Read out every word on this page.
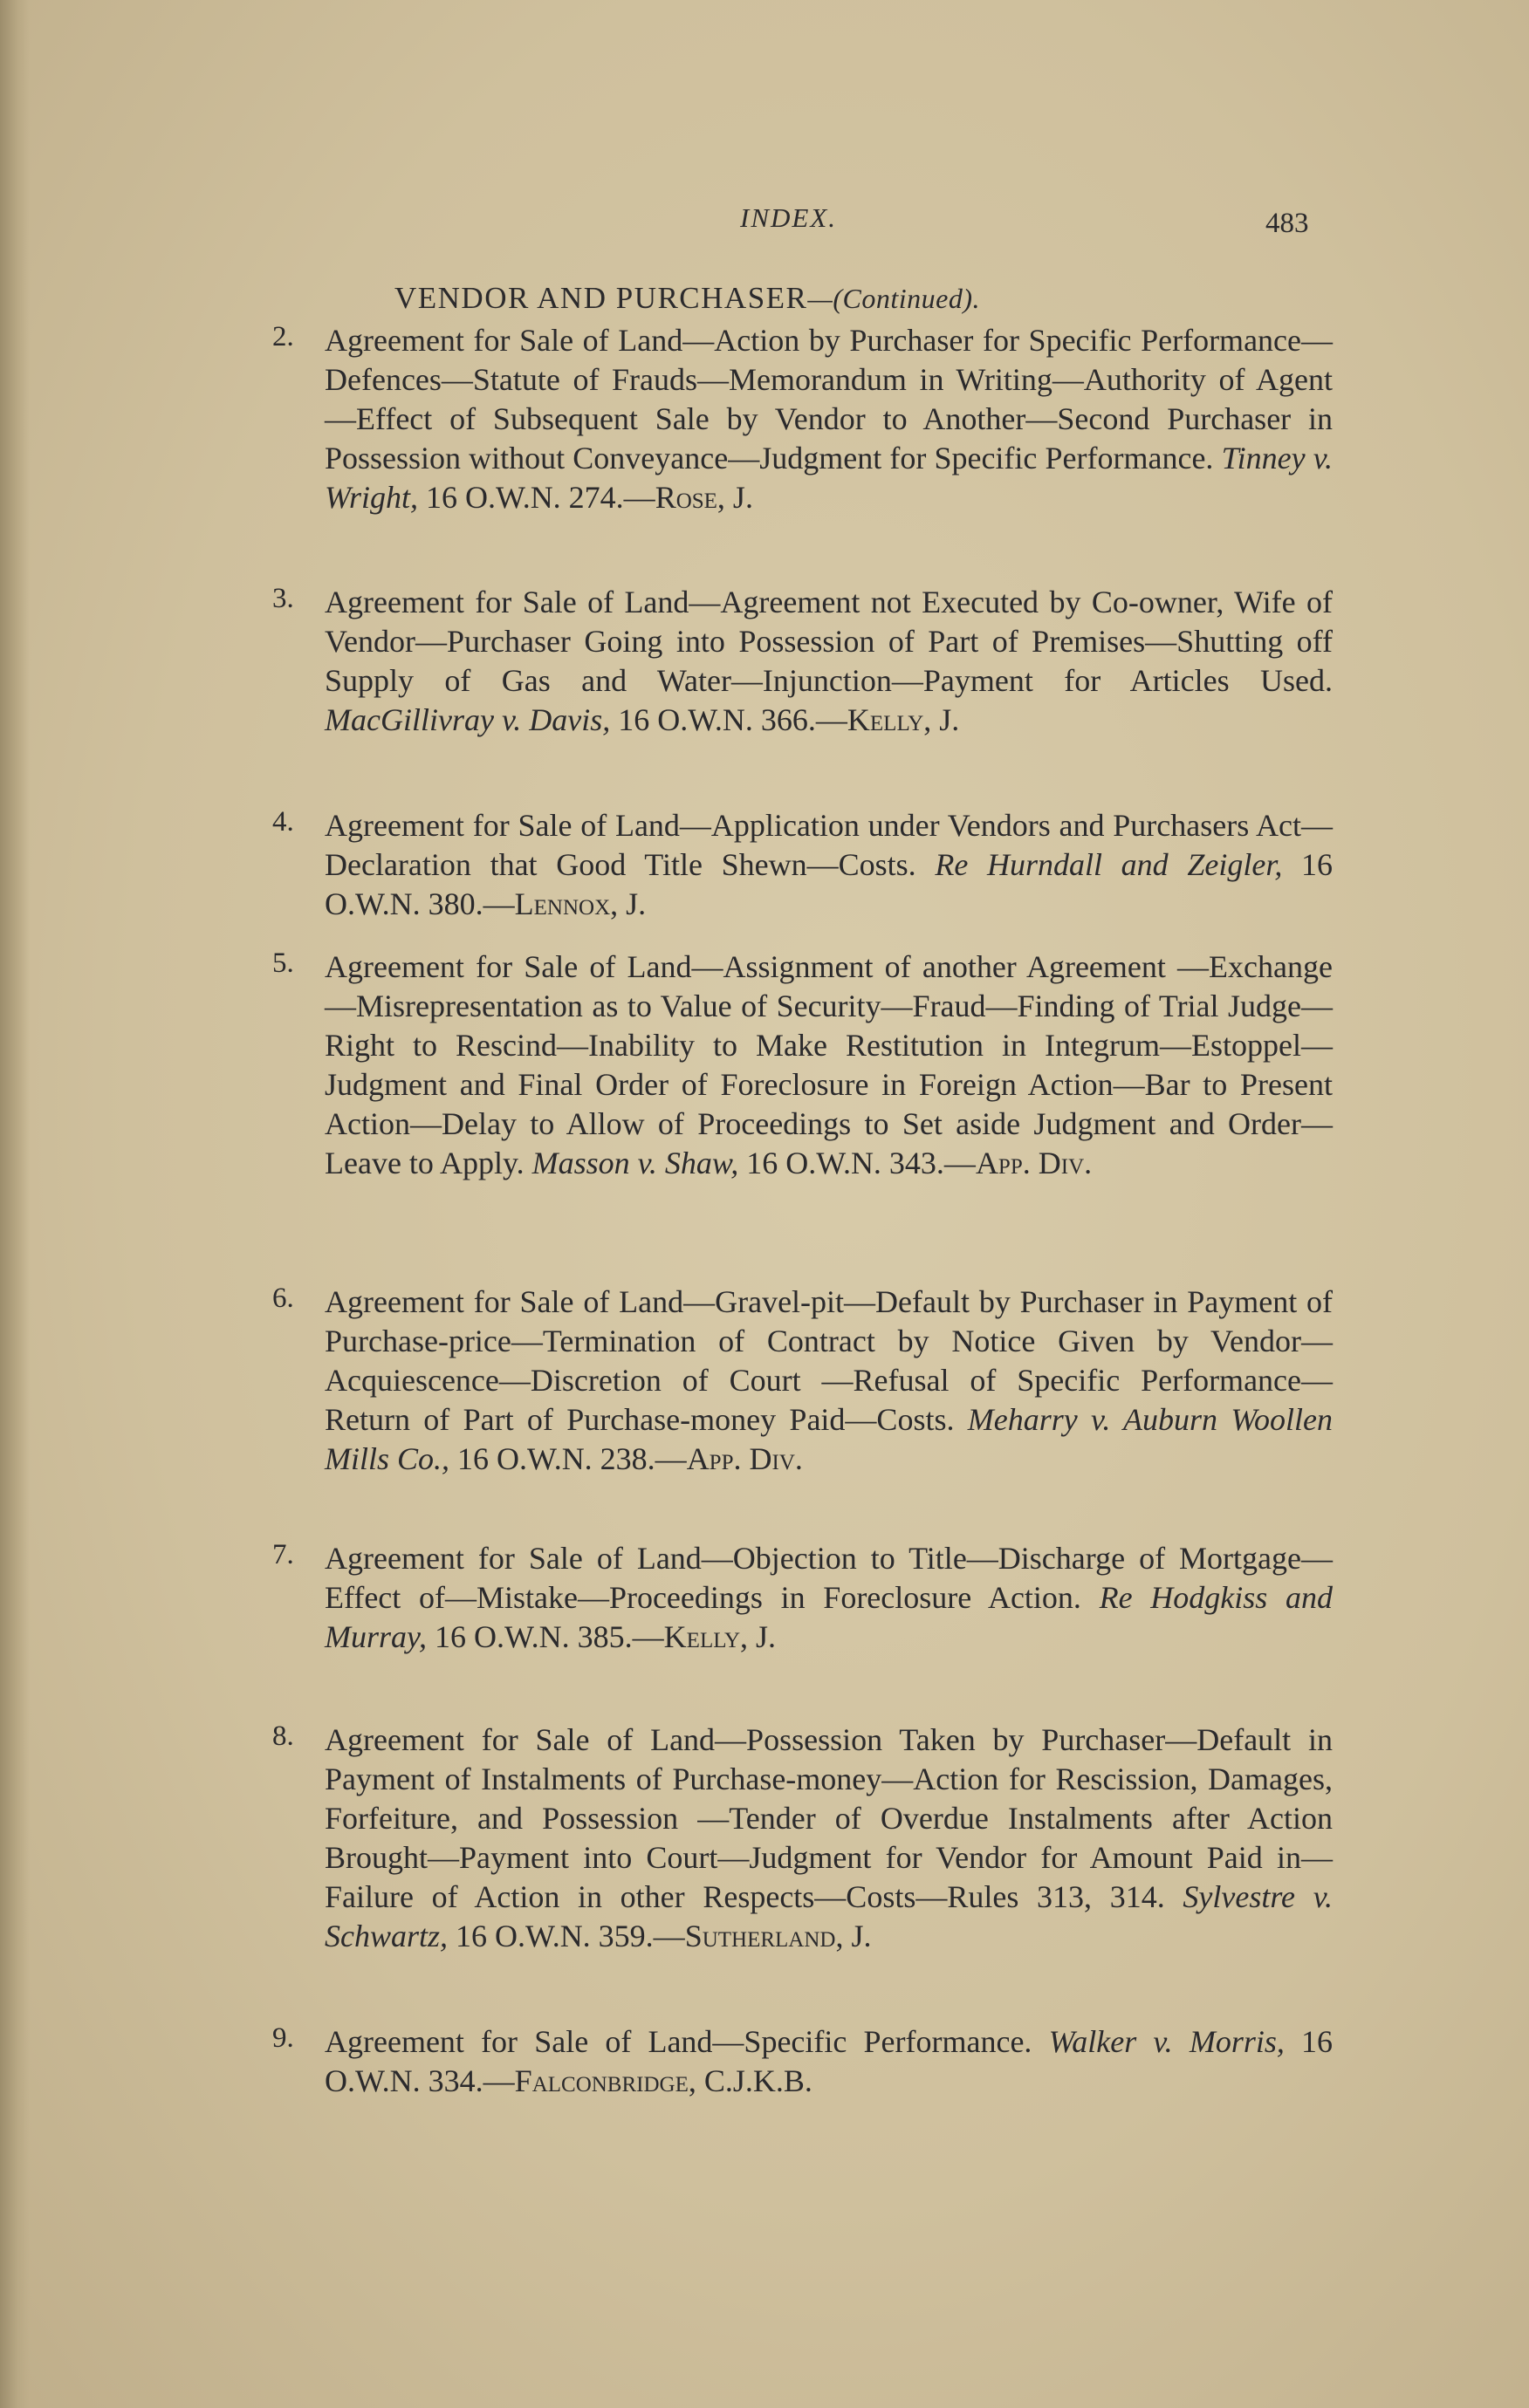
INDEX.	483
VENDOR AND PURCHASER—(Continued).
2. Agreement for Sale of Land—Action by Purchaser for Specific Performance—Defences—Statute of Frauds—Memorandum in Writing—Authority of Agent—Effect of Subsequent Sale by Vendor to Another—Second Purchaser in Possession without Conveyance—Judgment for Specific Performance. Tinney v. Wright, 16 O.W.N. 274.—Rose, J.
3. Agreement for Sale of Land—Agreement not Executed by Co-owner, Wife of Vendor—Purchaser Going into Possession of Part of Premises—Shutting off Supply of Gas and Water—Injunction—Payment for Articles Used. MacGillivray v. Davis, 16 O.W.N. 366.—Kelly, J.
4. Agreement for Sale of Land—Application under Vendors and Purchasers Act—Declaration that Good Title Shewn—Costs. Re Hurndall and Zeigler, 16 O.W.N. 380.—Lennox, J.
5. Agreement for Sale of Land—Assignment of another Agreement —Exchange—Misrepresentation as to Value of Security—Fraud—Finding of Trial Judge—Right to Rescind—Inability to Make Restitution in Integrum—Estoppel—Judgment and Final Order of Foreclosure in Foreign Action—Bar to Present Action—Delay to Allow of Proceedings to Set aside Judgment and Order—Leave to Apply. Masson v. Shaw, 16 O.W.N. 343.—App. Div.
6. Agreement for Sale of Land—Gravel-pit—Default by Purchaser in Payment of Purchase-price—Termination of Contract by Notice Given by Vendor—Acquiescence—Discretion of Court —Refusal of Specific Performance—Return of Part of Purchase-money Paid—Costs. Meharry v. Auburn Woollen Mills Co., 16 O.W.N. 238.—App. Div.
7. Agreement for Sale of Land—Objection to Title—Discharge of Mortgage—Effect of—Mistake—Proceedings in Foreclosure Action. Re Hodgkiss and Murray, 16 O.W.N. 385.—Kelly, J.
8. Agreement for Sale of Land—Possession Taken by Purchaser—Default in Payment of Instalments of Purchase-money—Action for Rescission, Damages, Forfeiture, and Possession —Tender of Overdue Instalments after Action Brought—Payment into Court—Judgment for Vendor for Amount Paid in—Failure of Action in other Respects—Costs—Rules 313, 314. Sylvestre v. Schwartz, 16 O.W.N. 359.—Sutherland, J.
9. Agreement for Sale of Land—Specific Performance. Walker v. Morris, 16 O.W.N. 334.—Falconbridge, C.J.K.B.
